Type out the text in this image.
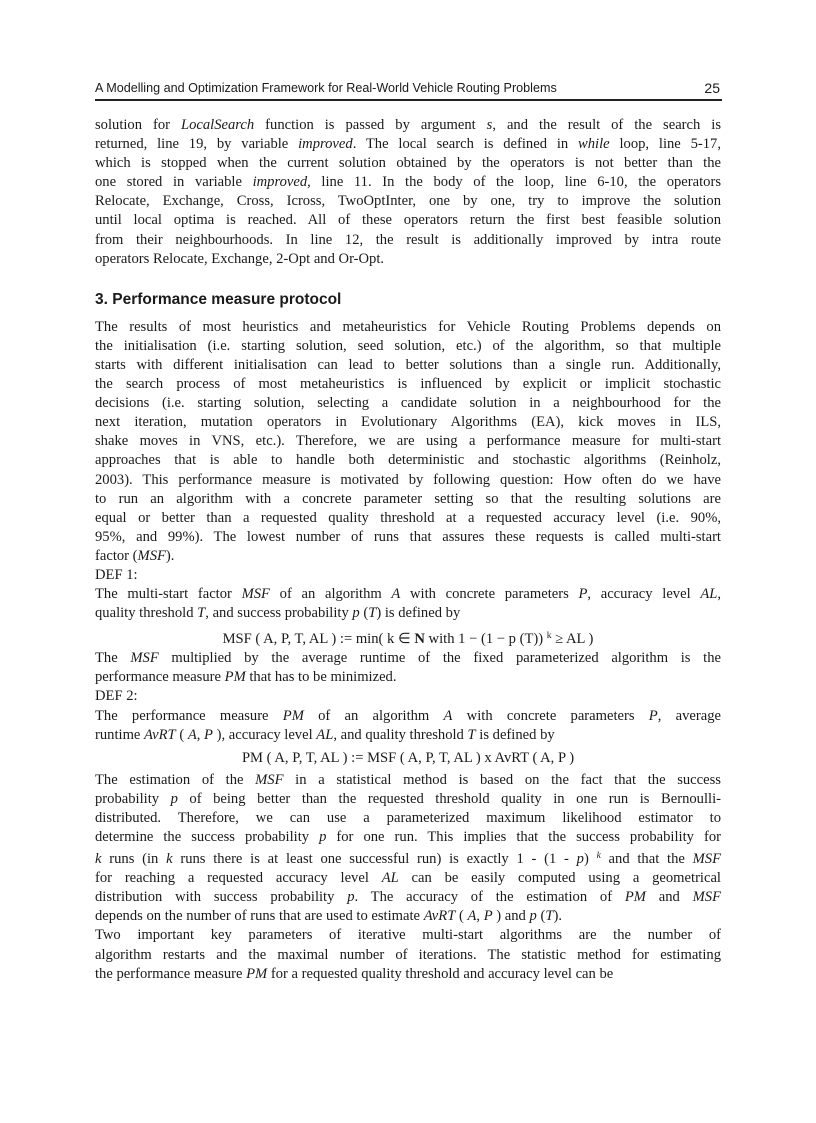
A Modelling and Optimization Framework for Real-World Vehicle Routing Problems	25
solution for LocalSearch function is passed by argument s, and the result of the search is
returned, line 19, by variable improved. The local search is defined in while loop, line 5-17,
which is stopped when the current solution obtained by the operators is not better than the
one stored in variable improved, line 11. In the body of the loop, line 6-10, the operators
Relocate, Exchange, Cross, Icross, TwoOptInter, one by one, try to improve the solution
until local optima is reached. All of these operators return the first best feasible solution
from their neighbourhoods. In line 12, the result is additionally improved by intra route
operators Relocate, Exchange, 2-Opt and Or-Opt.
3. Performance measure protocol
The results of most heuristics and metaheuristics for Vehicle Routing Problems depends on
the initialisation (i.e. starting solution, seed solution, etc.) of the algorithm, so that multiple
starts with different initialisation can lead to better solutions than a single run. Additionally,
the search process of most metaheuristics is influenced by explicit or implicit stochastic
decisions (i.e. starting solution, selecting a candidate solution in a neighbourhood for the
next iteration, mutation operators in Evolutionary Algorithms (EA), kick moves in ILS,
shake moves in VNS, etc.). Therefore, we are using a performance measure for multi-start
approaches that is able to handle both deterministic and stochastic algorithms (Reinholz,
2003). This performance measure is motivated by following question: How often do we have
to run an algorithm with a concrete parameter setting so that the resulting solutions are
equal or better than a requested quality threshold at a requested accuracy level (i.e. 90%,
95%, and 99%). The lowest number of runs that assures these requests is called multi-start
factor (MSF).
DEF 1:
The multi-start factor MSF of an algorithm A with concrete parameters P, accuracy level AL,
quality threshold T, and success probability p (T) is defined by
MSF ( A, P, T, AL ) := min( k ∈ N with 1 − (1 − p (T)) $^k$ ≥ AL )
The MSF multiplied by the average runtime of the fixed parameterized algorithm is the
performance measure PM that has to be minimized.
DEF 2:
The performance measure PM of an algorithm A with concrete parameters P, average
runtime AvRT ( A, P ), accuracy level AL, and quality threshold T is defined by
PM ( A, P, T, AL ) := MSF ( A, P, T, AL ) x AvRT ( A, P )
The estimation of the MSF in a statistical method is based on the fact that the success
probability p of being better than the requested threshold quality in one run is Bernoulli-
distributed. Therefore, we can use a parameterized maximum likelihood estimator to
determine the success probability p for one run. This implies that the success probability for
k runs (in k runs there is at least one successful run) is exactly 1 - (1 - p) $^k$ and that the MSF
for reaching a requested accuracy level AL can be easily computed using a geometrical
distribution with success probability p. The accuracy of the estimation of PM and MSF
depends on the number of runs that are used to estimate AvRT ( A, P ) and p (T).
Two important key parameters of iterative multi-start algorithms are the number of
algorithm restarts and the maximal number of iterations. The statistic method for estimating
the performance measure PM for a requested quality threshold and accuracy level can be
